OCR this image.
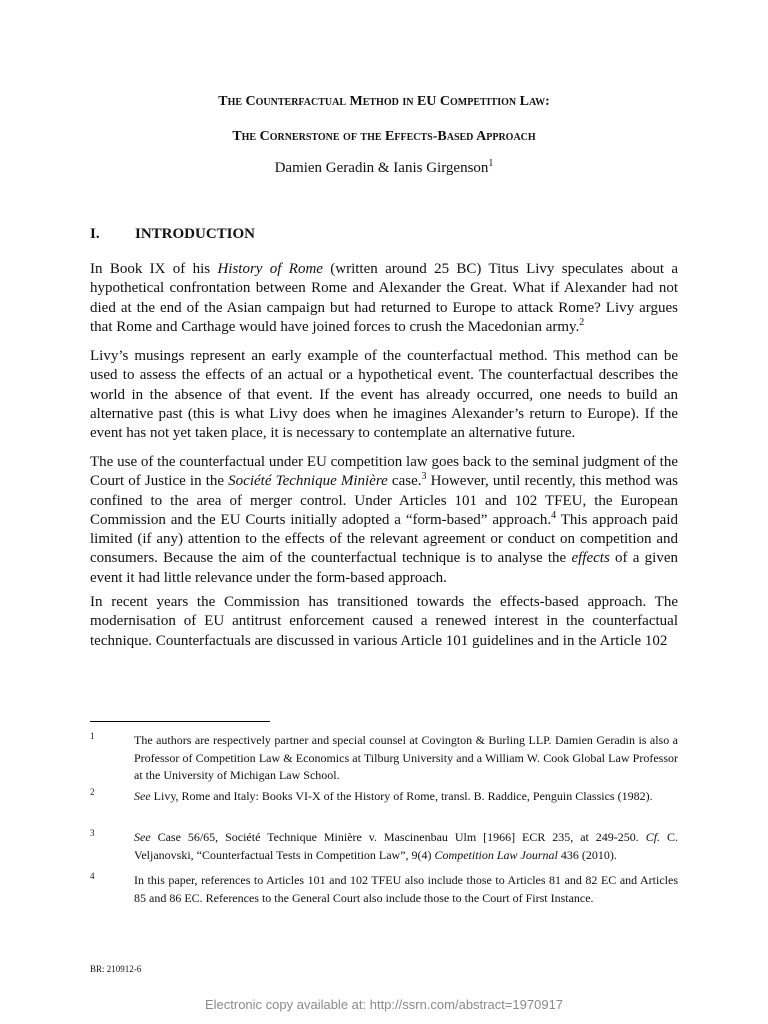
The Counterfactual Method in EU Competition Law:
The Cornerstone of the Effects-Based Approach
Damien Geradin & Ianis Girgenson$^1$
I. INTRODUCTION

In Book IX of his History of Rome (written around 25 BC) Titus Livy speculates about a hypothetical confrontation between Rome and Alexander the Great. What if Alexander had not died at the end of the Asian campaign but had returned to Europe to attack Rome? Livy argues that Rome and Carthage would have joined forces to crush the Macedonian army.$^2$

Livy’s musings represent an early example of the counterfactual method. This method can be used to assess the effects of an actual or a hypothetical event. The counterfactual describes the world in the absence of that event. If the event has already occurred, one needs to build an alternative past (this is what Livy does when he imagines Alexander’s return to Europe). If the event has not yet taken place, it is necessary to contemplate an alternative future.

The use of the counterfactual under EU competition law goes back to the seminal judgment of the Court of Justice in the Société Technique Minière case.$^3$ However, until recently, this method was confined to the area of merger control. Under Articles 101 and 102 TFEU, the European Commission and the EU Courts initially adopted a “form-based” approach.$^4$ This approach paid limited (if any) attention to the effects of the relevant agreement or conduct on competition and consumers. Because the aim of the counterfactual technique is to analyse the effects of a given event it had little relevance under the form-based approach.

In recent years the Commission has transitioned towards the effects-based approach. The modernisation of EU antitrust enforcement caused a renewed interest in the counterfactual technique. Counterfactuals are discussed in various Article 101 guidelines and in the Article 102

1	The authors are respectively partner and special counsel at Covington & Burling LLP. Damien Geradin is also a Professor of Competition Law & Economics at Tilburg University and a William W. Cook Global Law Professor at the University of Michigan Law School.
2	See Livy, Rome and Italy: Books VI-X of the History of Rome, transl. B. Raddice, Penguin Classics (1982).
3	See Case 56/65, Société Technique Minière v. Mascinenbau Ulm [1966] ECR 235, at 249-250. Cf. C. Veljanovski, “Counterfactual Tests in Competition Law”, 9(4) Competition Law Journal 436 (2010).
4	In this paper, references to Articles 101 and 102 TFEU also include those to Articles 81 and 82 EC and Articles 85 and 86 EC. References to the General Court also include those to the Court of First Instance.
BR: 210912-6
Electronic copy available at: http://ssrn.com/abstract=1970917
